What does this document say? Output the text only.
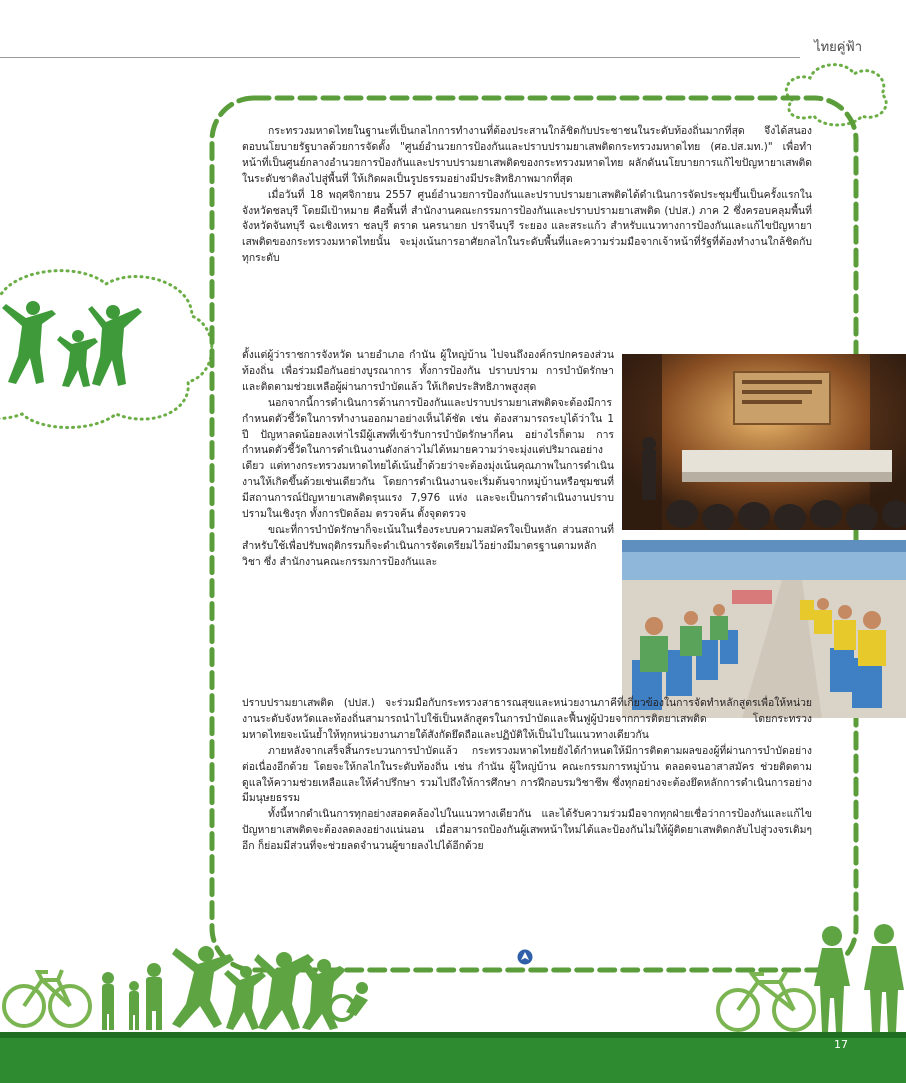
ไทยคู่ฟ้า

กระทรวงมหาดไทยในฐานะที่เป็นกลไกการทำงานที่ต้องประสานใกล้ชิดกับประชาชนในระดับท้องถิ่นมากที่สุด จึงได้สนองตอบนโยบายรัฐบาลด้วยการจัดตั้ง "ศูนย์อำนวยการป้องกันและปราบปรามยาเสพติดกระทรวงมหาดไทย (ศอ.ปส.มท.)" เพื่อทำหน้าที่เป็นศูนย์กลางอำนวยการป้องกันและปราบปรามยาเสพติดของกระทรวงมหาดไทย ผลักดันนโยบายการแก้ไขปัญหายาเสพติดในระดับชาติลงไปสู่พื้นที่ ให้เกิดผลเป็นรูปธรรมอย่างมีประสิทธิภาพมากที่สุด

เมื่อวันที่ 18 พฤศจิกายน 2557 ศูนย์อำนวยการป้องกันและปราบปรามยาเสพติดได้ดำเนินการจัดประชุมขึ้นเป็นครั้งแรกในจังหวัดชลบุรี โดยมีเป้าหมาย คือพื้นที่ สำนักงานคณะกรรมการป้องกันและปราบปรามยาเสพติด (ปปส.) ภาค 2 ซึ่งครอบคลุมพื้นที่จังหวัดจันทบุรี ฉะเชิงเทรา ชลบุรี ตราด นครนายก ปราจีนบุรี ระยอง และสระแก้ว สำหรับแนวทางการป้องกันและแก้ไขปัญหายาเสพติดของกระทรวงมหาดไทยนั้น จะมุ่งเน้นการอาศัยกลไกในระดับพื้นที่และความร่วมมือจากเจ้าหน้าที่รัฐที่ต้องทำงานใกล้ชิดกับทุกระดับ

ตั้งแต่ผู้ว่าราชการจังหวัด นายอำเภอ กำนัน ผู้ใหญ่บ้าน ไปจนถึงองค์กรปกครองส่วนท้องถิ่น เพื่อร่วมมือกันอย่างบูรณาการ ทั้งการป้องกัน ปราบปราม การบำบัดรักษา และติดตามช่วยเหลือผู้ผ่านการบำบัดแล้ว ให้เกิดประสิทธิภาพสูงสุด

นอกจากนี้การดำเนินการด้านการป้องกันและปราบปรามยาเสพติดจะต้องมีการกำหนดตัวชี้วัดในการทำงานออกมาอย่างเห็นได้ชัด เช่น ต้องสามารถระบุได้ว่าใน 1 ปี ปัญหาลดน้อยลงเท่าไรมีผู้เสพที่เข้ารับการบำบัดรักษากี่คน อย่างไรก็ตาม การกำหนดตัวชี้วัดในการดำเนินงานดังกล่าวไม่ได้หมายความว่าจะมุ่งแต่ปริมาณอย่างเดียว แต่ทางกระทรวงมหาดไทยได้เน้นย้ำด้วยว่าจะต้องมุ่งเน้นคุณภาพในการดำเนินงานให้เกิดขึ้นด้วยเช่นเดียวกัน โดยการดำเนินงานจะเริ่มต้นจากหมู่บ้านหรือชุมชนที่มีสถานการณ์ปัญหายาเสพติดรุนแรง 7,976 แห่ง และจะเป็นการดำเนินงานปราบปรามในเชิงรุก ทั้งการปิดล้อม ตรวจค้น ตั้งจุดตรวจ

ขณะที่การบำบัดรักษาก็จะเน้นในเรื่องระบบความสมัครใจเป็นหลัก ส่วนสถานที่สำหรับใช้เพื่อปรับพฤติกรรมก็จะดำเนินการจัดเตรียมไว้อย่างมีมาตรฐานตามหลักวิชา ซึ่ง สำนักงานคณะกรรมการป้องกันและ

ปราบปรามยาเสพติด (ปปส.) จะร่วมมือกับกระทรวงสาธารณสุขและหน่วยงานภาคีที่เกี่ยวข้องในการจัดทำหลักสูตรเพื่อให้หน่วยงานระดับจังหวัดและท้องถิ่นสามารถนำไปใช้เป็นหลักสูตรในการบำบัดและฟื้นฟูผู้ป่วยจากการติดยาเสพติด โดยกระทรวงมหาดไทยจะเน้นย้ำให้ทุกหน่วยงานภายใต้สังกัดยึดถือและปฏิบัติให้เป็นไปในแนวทางเดียวกัน

ภายหลังจากเสร็จสิ้นกระบวนการบำบัดแล้ว กระทรวงมหาดไทยยังได้กำหนดให้มีการติดตามผลของผู้ที่ผ่านการบำบัดอย่างต่อเนื่องอีกด้วย โดยจะให้กลไกในระดับท้องถิ่น เช่น กำนัน ผู้ใหญ่บ้าน คณะกรรมการหมู่บ้าน ตลอดจนอาสาสมัคร ช่วยติดตามดูแลให้ความช่วยเหลือและให้คำปรึกษา รวมไปถึงให้การศึกษา การฝึกอบรมวิชาชีพ ซึ่งทุกอย่างจะต้องยึดหลักการดำเนินการอย่างมีมนุษยธรรม

ทั้งนี้หากดำเนินการทุกอย่างสอดคล้องไปในแนวทางเดียวกัน และได้รับความร่วมมือจากทุกฝ่ายเชื่อว่าการป้องกันและแก้ไขปัญหายาเสพติดจะต้องลดลงอย่างแน่นอน เมื่อสามารถป้องกันผู้เสพหน้าใหม่ได้และป้องกันไม่ให้ผู้ติดยาเสพติดกลับไปสู่วงจรเดิมๆ อีก ก็ย่อมมีส่วนที่จะช่วยลดจำนวนผู้ขายลงไปได้อีกด้วย

17
